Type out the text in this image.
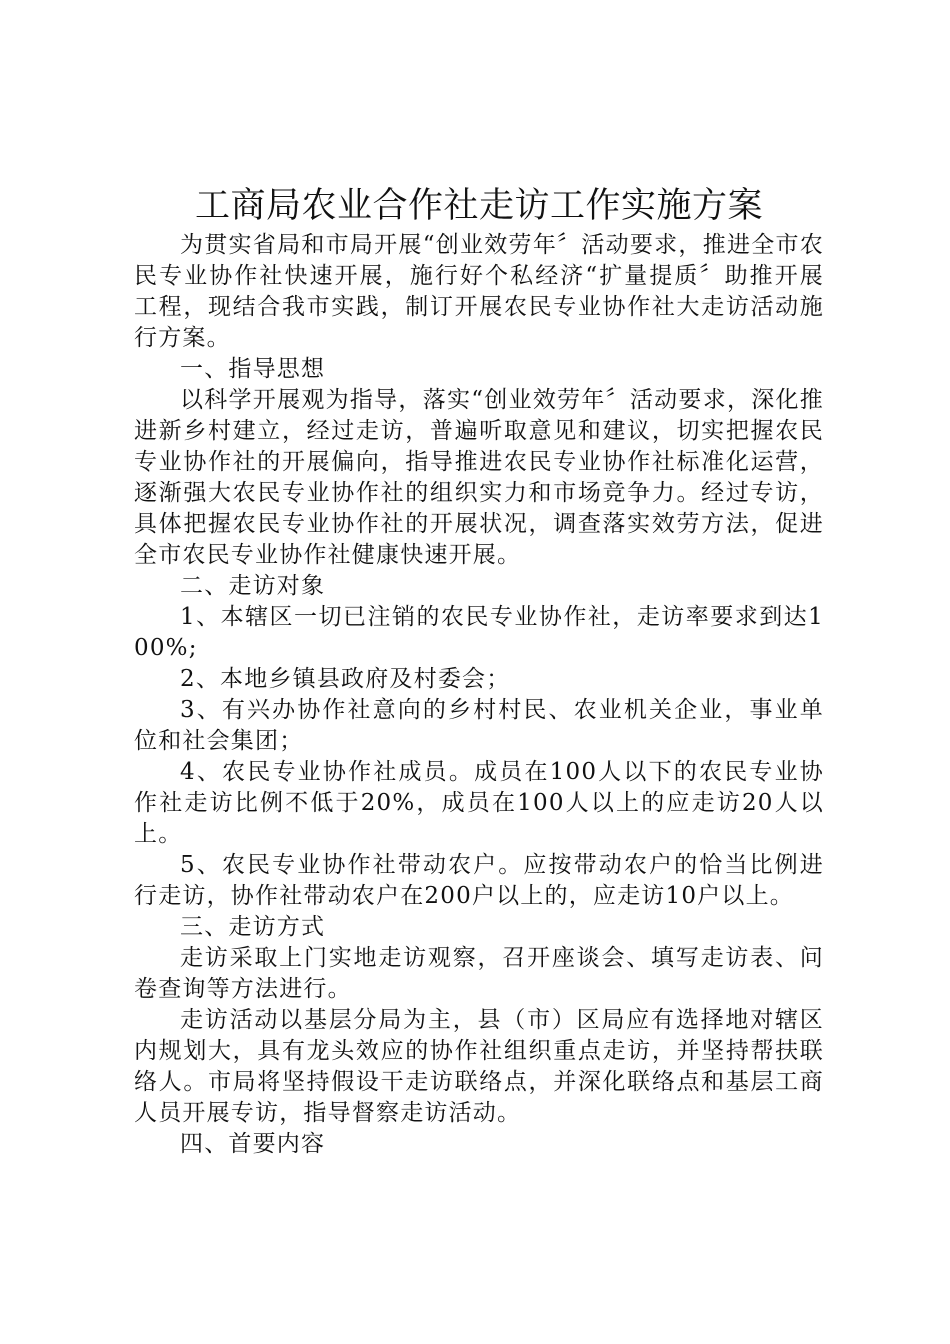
工商局农业合作社走访工作实施方案

为贯实省局和市局开展“创业效劳年〞活动要求，推进全市农民专业协作社快速开展，施行好个私经济“扩量提质〞助推开展工程，现结合我市实践，制订开展农民专业协作社大走访活动施行方案。

一、指导思想

以科学开展观为指导，落实“创业效劳年〞活动要求，深化推进新乡村建立，经过走访，普遍听取意见和建议，切实把握农民专业协作社的开展偏向，指导推进农民专业协作社标准化运营，逐渐强大农民专业协作社的组织实力和市场竞争力。经过专访，具体把握农民专业协作社的开展状况，调查落实效劳方法，促进全市农民专业协作社健康快速开展。

二、走访对象

1、本辖区一切已注销的农民专业协作社，走访率要求到达100%;

2、本地乡镇县政府及村委会；

3、有兴办协作社意向的乡村村民、农业机关企业，事业单位和社会集团；

4、农民专业协作社成员。成员在100人以下的农民专业协作社走访比例不低于20%，成员在100人以上的应走访20人以上。

5、农民专业协作社带动农户。应按带动农户的恰当比例进行走访，协作社带动农户在200户以上的，应走访10户以上。

三、走访方式

走访采取上门实地走访观察，召开座谈会、填写走访表、问卷查询等方法进行。

走访活动以基层分局为主，县（市）区局应有选择地对辖区内规划大，具有龙头效应的协作社组织重点走访，并坚持帮扶联络人。市局将坚持假设干走访联络点，并深化联络点和基层工商人员开展专访，指导督察走访活动。

四、首要内容
